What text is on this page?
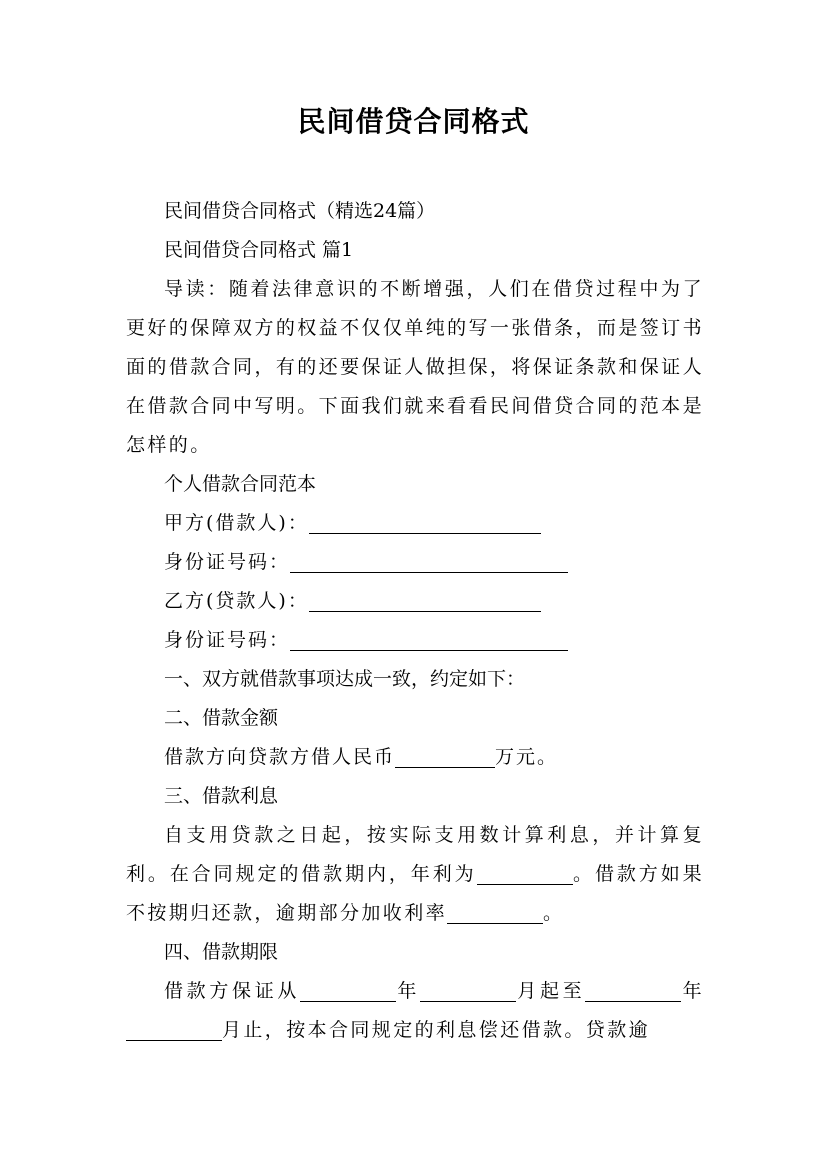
民间借贷合同格式

民间借贷合同格式（精选24篇）

民间借贷合同格式 篇1

导读：随着法律意识的不断增强，人们在借贷过程中为了更好的保障双方的权益不仅仅单纯的写一张借条，而是签订书面的借款合同，有的还要保证人做担保，将保证条款和保证人在借款合同中写明。下面我们就来看看民间借贷合同的范本是怎样的。

个人借款合同范本

甲方(借款人)：

身份证号码：

乙方(贷款人)：

身份证号码：

一、双方就借款事项达成一致，约定如下：

二、借款金额

借款方向贷款方借人民币	万元。

三、借款利息

自支用贷款之日起，按实际支用数计算利息，并计算复利。在合同规定的借款期内，年利为	。借款方如果不按期归还款，逾期部分加收利率	。

四、借款期限

借款方保证从	年	月起至	年月止，按本合同规定的利息偿还借款。贷款逾
